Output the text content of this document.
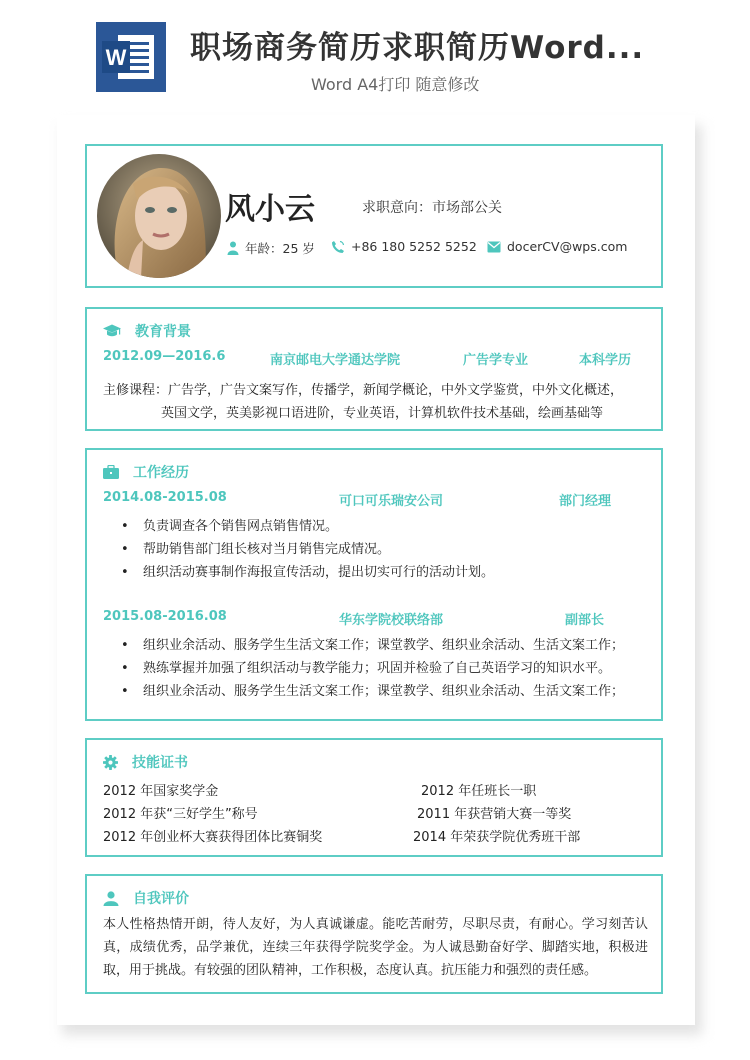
W 职场商务简历求职简历Word...
Word A4打印 随意修改
风小云	求职意向：市场部公关
年龄：25 岁	+86 180 5252 5252 docerCV@wps.com
教育背景
2012.09—2016.6	南京邮电大学通达学院	广告学专业	本科学历
主修课程：广告学，广告文案写作，传播学，新闻学概论，中外文学鉴赏，中外文化概述，
英国文学，英美影视口语进阶，专业英语，计算机软件技术基础，绘画基础等
工作经历
2014.08-2015.08	可口可乐瑞安公司	部门经理
• 负责调查各个销售网点销售情况。
• 帮助销售部门组长核对当月销售完成情况。
• 组织活动赛事制作海报宣传活动，提出切实可行的活动计划。
2015.08-2016.08	华东学院校联络部	副部长
• 组织业余活动、服务学生生活文案工作；课堂教学、组织业余活动、生活文案工作；
• 熟练掌握并加强了组织活动与教学能力；巩固并检验了自己英语学习的知识水平。
• 组织业余活动、服务学生生活文案工作；课堂教学、组织业余活动、生活文案工作；
技能证书
2012 年国家奖学金	2012 年任班长一职
2012 年获“三好学生”称号	2011 年获营销大赛一等奖
2012 年创业杯大赛获得团体比赛铜奖	2014 年荣获学院优秀班干部
自我评价
本人性格热情开朗，待人友好，为人真诚谦虚。能吃苦耐劳，尽职尽责，有耐心。学习刻苦认真，成绩优秀，品学兼优，连续三年获得学院奖学金。为人诚恳勤奋好学、脚踏实地，积极进取，用于挑战。有较强的团队精神，工作积极，态度认真。抗压能力和强烈的责任感。
